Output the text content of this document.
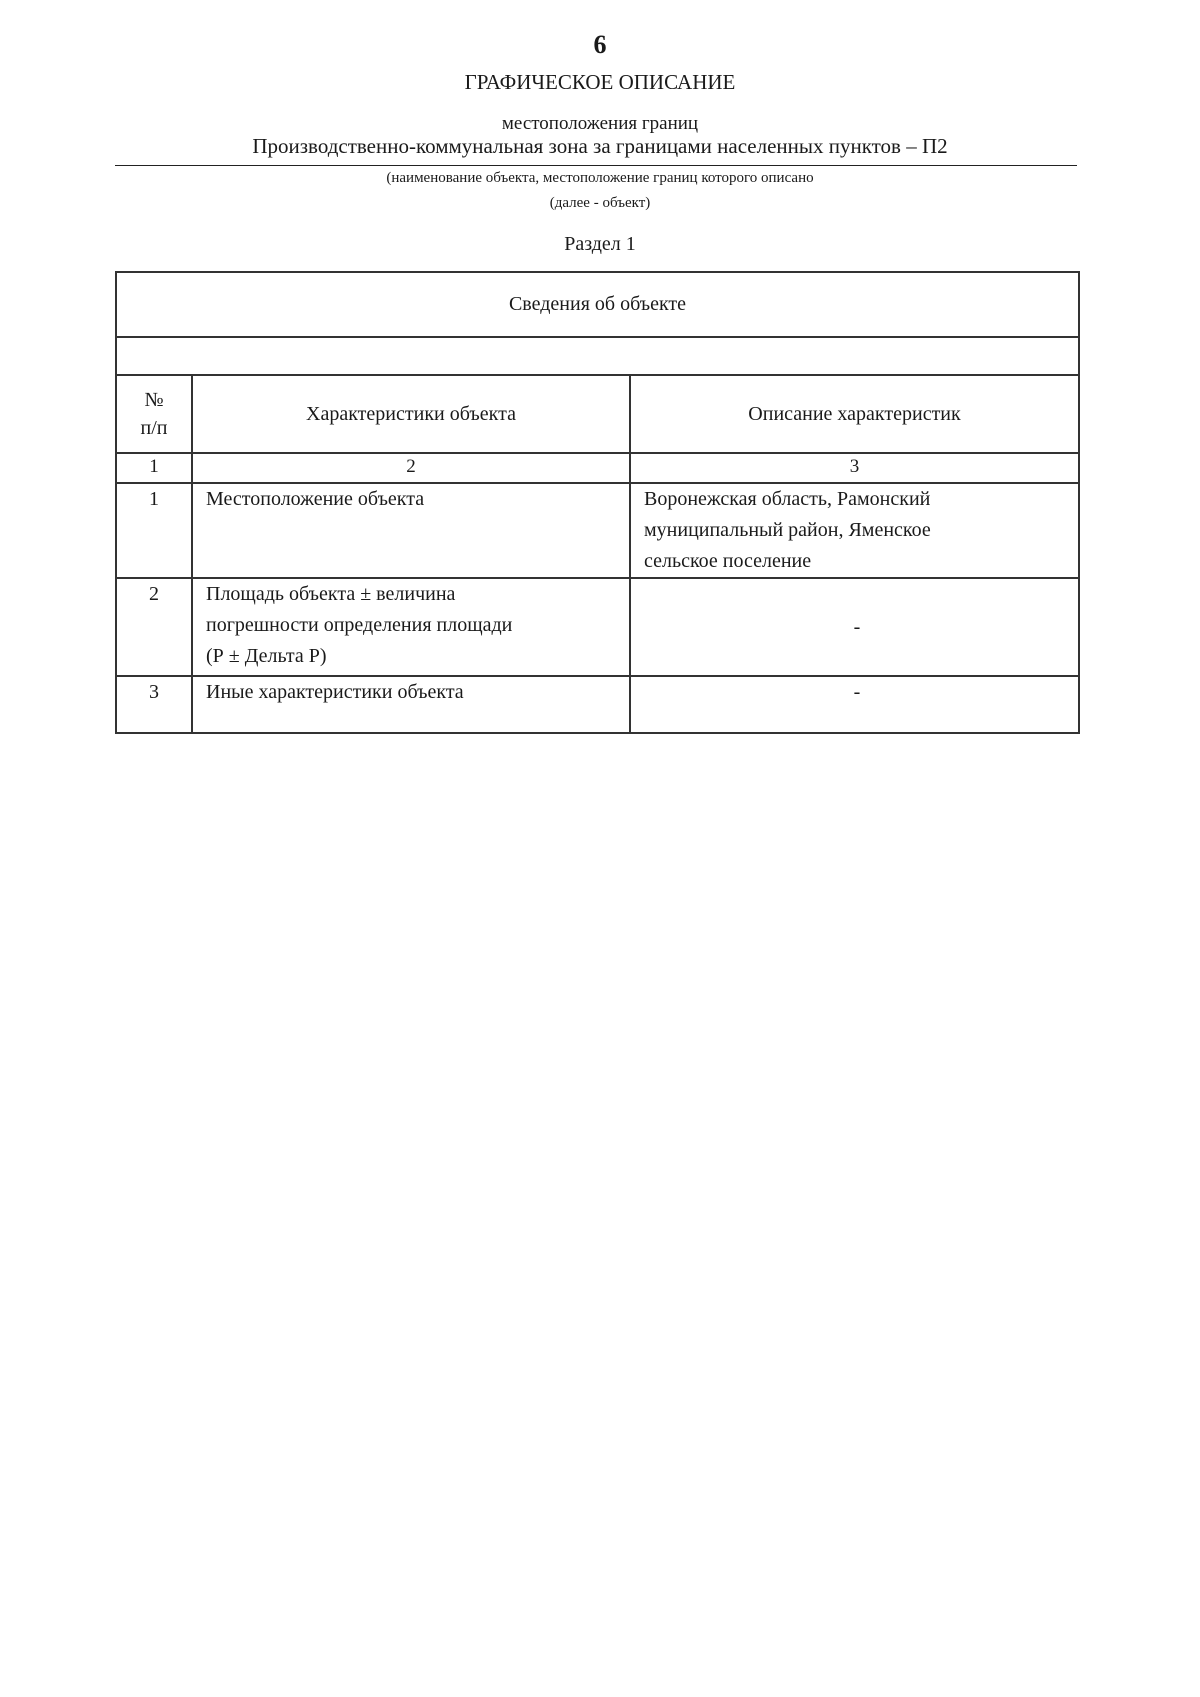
6
ГРАФИЧЕСКОЕ ОПИСАНИЕ
местоположения границ
Производственно-коммунальная зона за границами населенных пунктов – П2
(наименование объекта, местоположение границ которого описано
(далее - объект)
Раздел 1
Сведения об объекте		

№
п/п	Характеристики объекта	Описание характеристик
1	2	3
1	Местоположение объекта	Воронежская область, Рамонский
муниципальный район, Яменское
сельское поселение

2	Площадь объекта ± величина
погрешности определения площади
(Р ± Дельта Р)	-
3	Иные характеристики объекта	-
